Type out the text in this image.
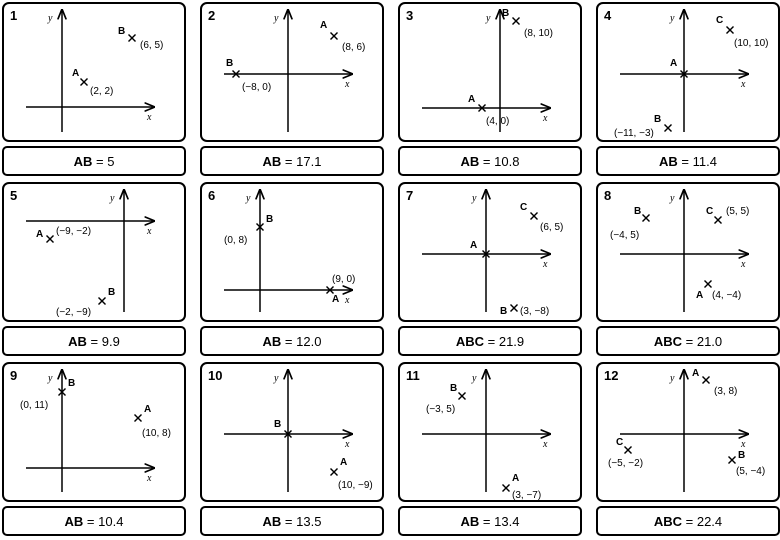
1
x
y
A
(2, 2)
B
(6, 5)
AB = 5
2
x
y
A
(8, 6)
B
(−8, 0)
AB = 17.1
3
x
y
A
(4, 0)
B
(8, 10)
AB = 10.8
4
x
y
A
B
(−11, −3)
C
(10, 10)
AB = 11.4
5
x
y
A (−9, −2)
B
(−2, −9)
AB = 9.9
6
x
y
A
(9, 0)
B
(0, 8)
AB = 12.0
7
x
y
A
B (3, −8)
C
(6, 5)
ABC = 21.9
8
x
y
A (4, −4)
B
(−4, 5)
C (5, 5)
ABC = 21.0
9
x
y
A
(10, 8)
B
(0, 11)
AB = 10.4
10
x
y
A
(10, −9)
B
AB = 13.5
11
x
y
A
(3, −7)
B
(−3, 5)
AB = 13.4
12
x
y A
(3, 8)
B
(5, −4)
C
(−5, −2)
ABC = 22.4
